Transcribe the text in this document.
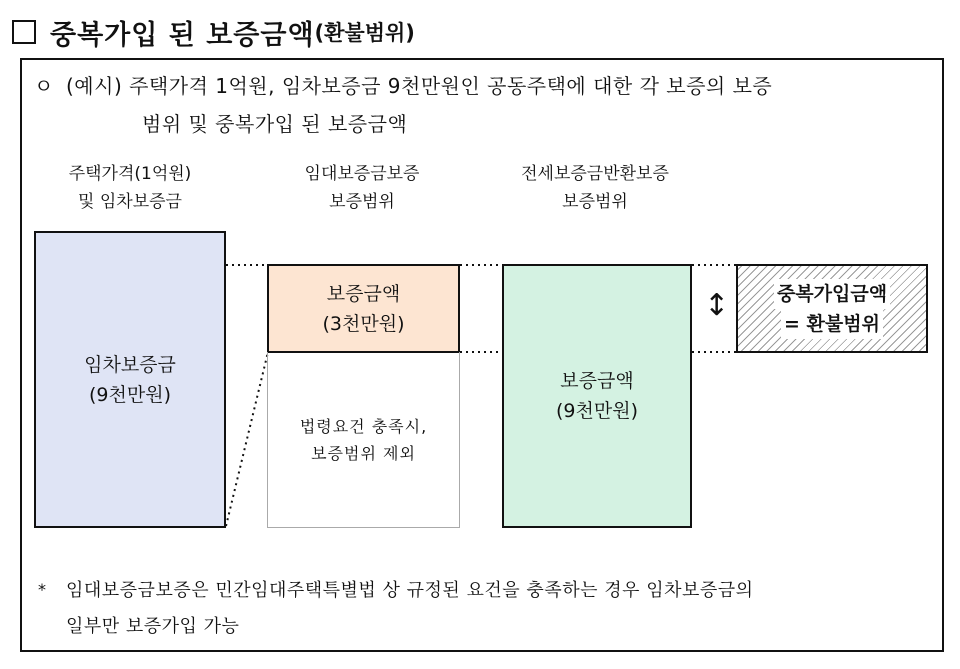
중복가입 된 보증금액 (환불범위)
ㅇ (예시) 주택가격 1억원, 임차보증금 9천만원인 공동주택에 대한 각 보증의 보증
범위 및 중복가입 된 보증금액
주택가격(1억원)
및 임차보증금
임대보증금보증
보증범위
전세보증금반환보증
보증범위
임차보증금
(9천만원)
보증금액
(3천만원)
법령요건 충족시,
보증범위 제외
보증금액
(9천만원)
↕	중복가입금액
= 환불범위
* 임대보증금보증은 민간임대주택특별법 상 규정된 요건을 충족하는 경우 임차보증금의
일부만 보증가입 가능
